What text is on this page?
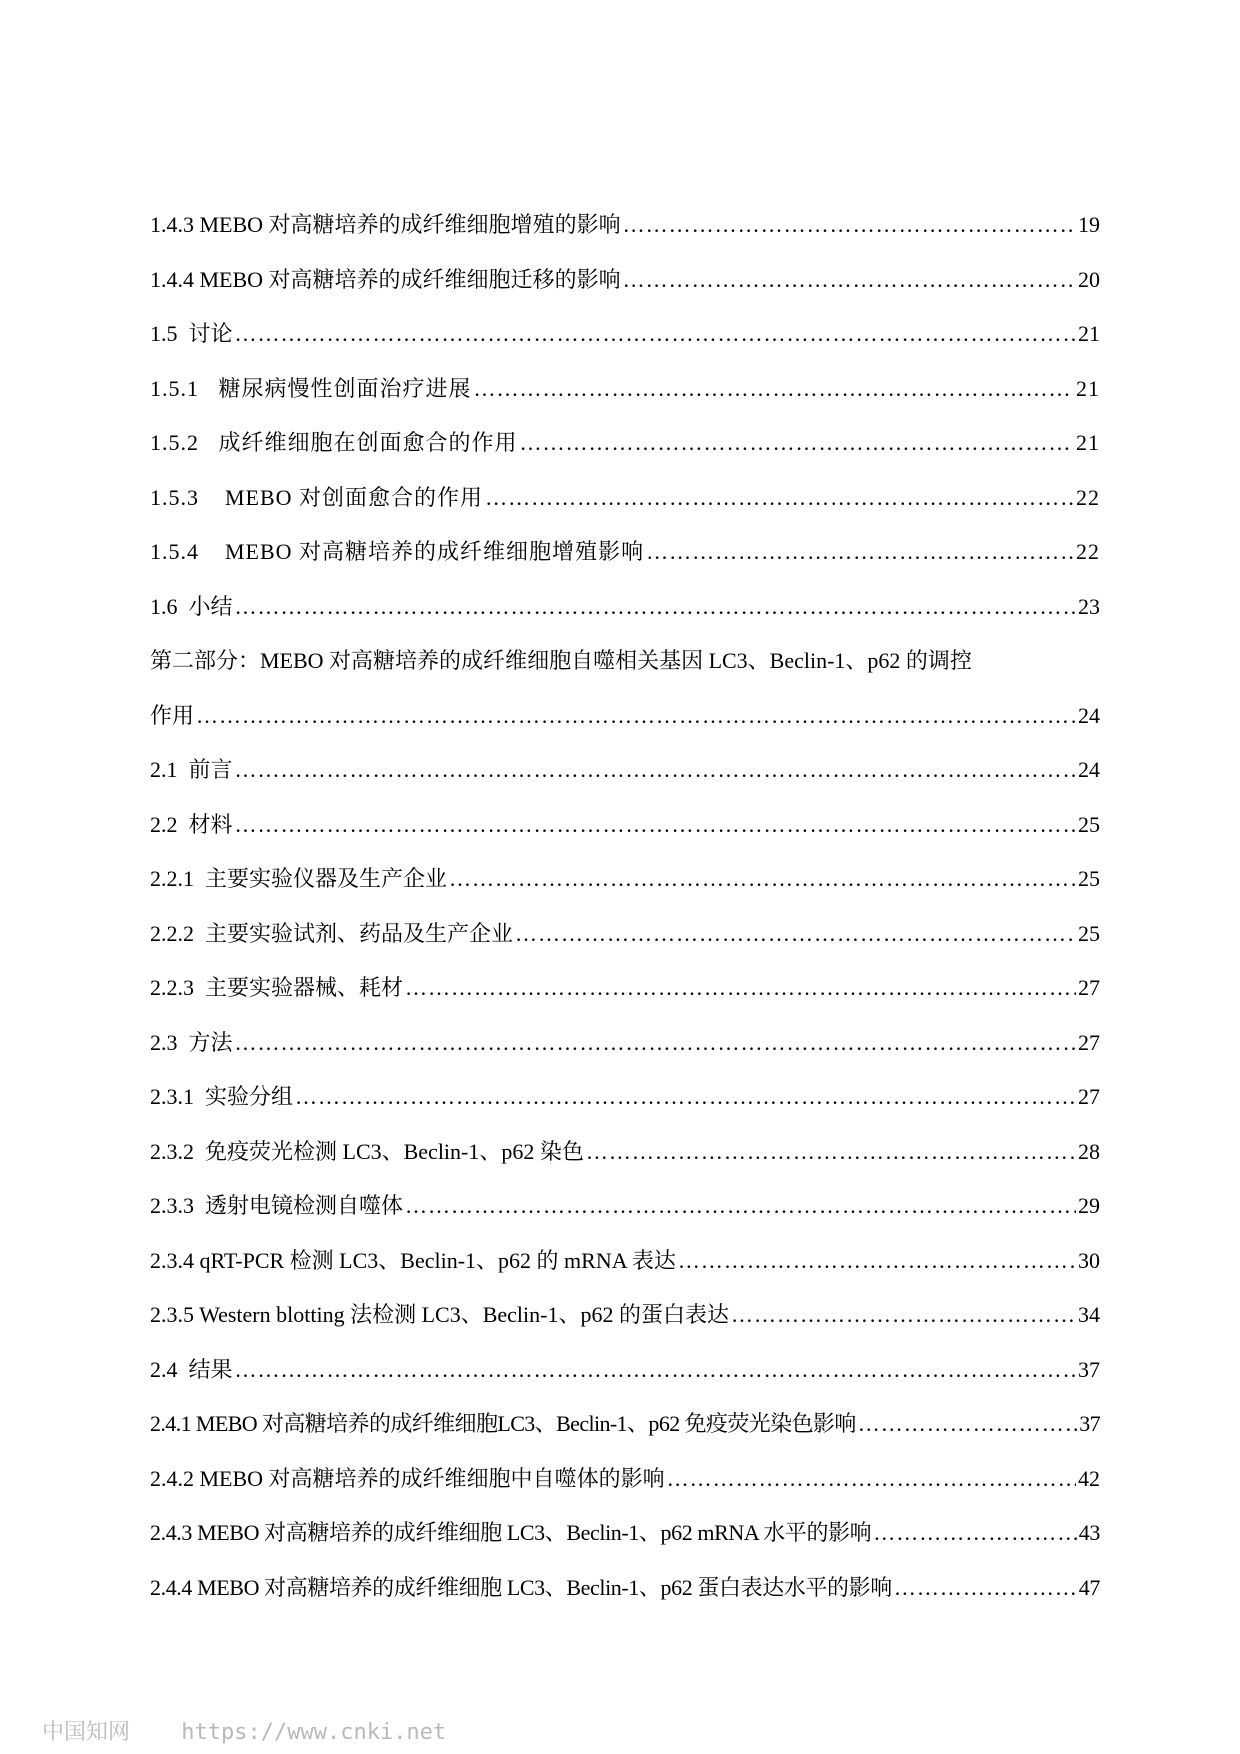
1.4.3 MEBO 对高糖培养的成纤维细胞增殖的影响 …………………………………………………………………………………………………………………………………………………………………………………………………………………………………………	19
1.4.4 MEBO 对高糖培养的成纤维细胞迁移的影响 …………………………………………………………………………………………………………………………………………………………………………………………………………………………………………	20
1.5  讨论 …………………………………………………………………………………………………………………………………………………………………………………………………………………………………………	21
1.5.1   糖尿病慢性创面治疗进展 …………………………………………………………………………………………………………………………………………………………………………………………………………………………………………	21
1.5.2   成纤维细胞在创面愈合的作用 …………………………………………………………………………………………………………………………………………………………………………………………………………………………………………	21
1.5.3    MEBO 对创面愈合的作用 …………………………………………………………………………………………………………………………………………………………………………………………………………………………………………	22
1.5.4    MEBO 对高糖培养的成纤维细胞增殖影响 …………………………………………………………………………………………………………………………………………………………………………………………………………………………………………	22
1.6  小结 …………………………………………………………………………………………………………………………………………………………………………………………………………………………………………	23
第二部分：MEBO 对高糖培养的成纤维细胞自噬相关基因 LC3、Beclin-1、p62 的调控
作用 …………………………………………………………………………………………………………………………………………………………………………………………………………………………………………	24
2.1  前言 …………………………………………………………………………………………………………………………………………………………………………………………………………………………………………	24
2.2  材料 …………………………………………………………………………………………………………………………………………………………………………………………………………………………………………	25
2.2.1  主要实验仪器及生产企业 …………………………………………………………………………………………………………………………………………………………………………………………………………………………………………	25
2.2.2  主要实验试剂、药品及生产企业 …………………………………………………………………………………………………………………………………………………………………………………………………………………………………………	25
2.2.3  主要实验器械、耗材 …………………………………………………………………………………………………………………………………………………………………………………………………………………………………………	27
2.3  方法 …………………………………………………………………………………………………………………………………………………………………………………………………………………………………………	27
2.3.1  实验分组 …………………………………………………………………………………………………………………………………………………………………………………………………………………………………………	27
2.3.2  免疫荧光检测 LC3、Beclin-1、p62 染色 …………………………………………………………………………………………………………………………………………………………………………………………………………………………………………	28
2.3.3  透射电镜检测自噬体 …………………………………………………………………………………………………………………………………………………………………………………………………………………………………………	29
2.3.4 qRT-PCR 检测 LC3、Beclin-1、p62 的 mRNA 表达 …………………………………………………………………………………………………………………………………………………………………………………………………………………………………………	30
2.3.5 Western blotting 法检测 LC3、Beclin-1、p62 的蛋白表达 …………………………………………………………………………………………………………………………………………………………………………………………………………………………………………	34
2.4  结果 …………………………………………………………………………………………………………………………………………………………………………………………………………………………………………	37
2.4.1 MEBO 对高糖培养的成纤维细胞LC3、Beclin-1、p62 免疫荧光染色影响 …………………………………………………………………………………………………………………………………………………………………………………………………………………………………………	37
2.4.2 MEBO 对高糖培养的成纤维细胞中自噬体的影响 …………………………………………………………………………………………………………………………………………………………………………………………………………………………………………	42
2.4.3 MEBO 对高糖培养的成纤维细胞 LC3、Beclin-1、p62 mRNA 水平的影响 …………………………………………………………………………………………………………………………………………………………………………………………………………………………………………	43
2.4.4 MEBO 对高糖培养的成纤维细胞 LC3、Beclin-1、p62 蛋白表达水平的影响 …………………………………………………………………………………………………………………………………………………………………………………………………………………………………………	47
中国知网 https://www.cnki.net
